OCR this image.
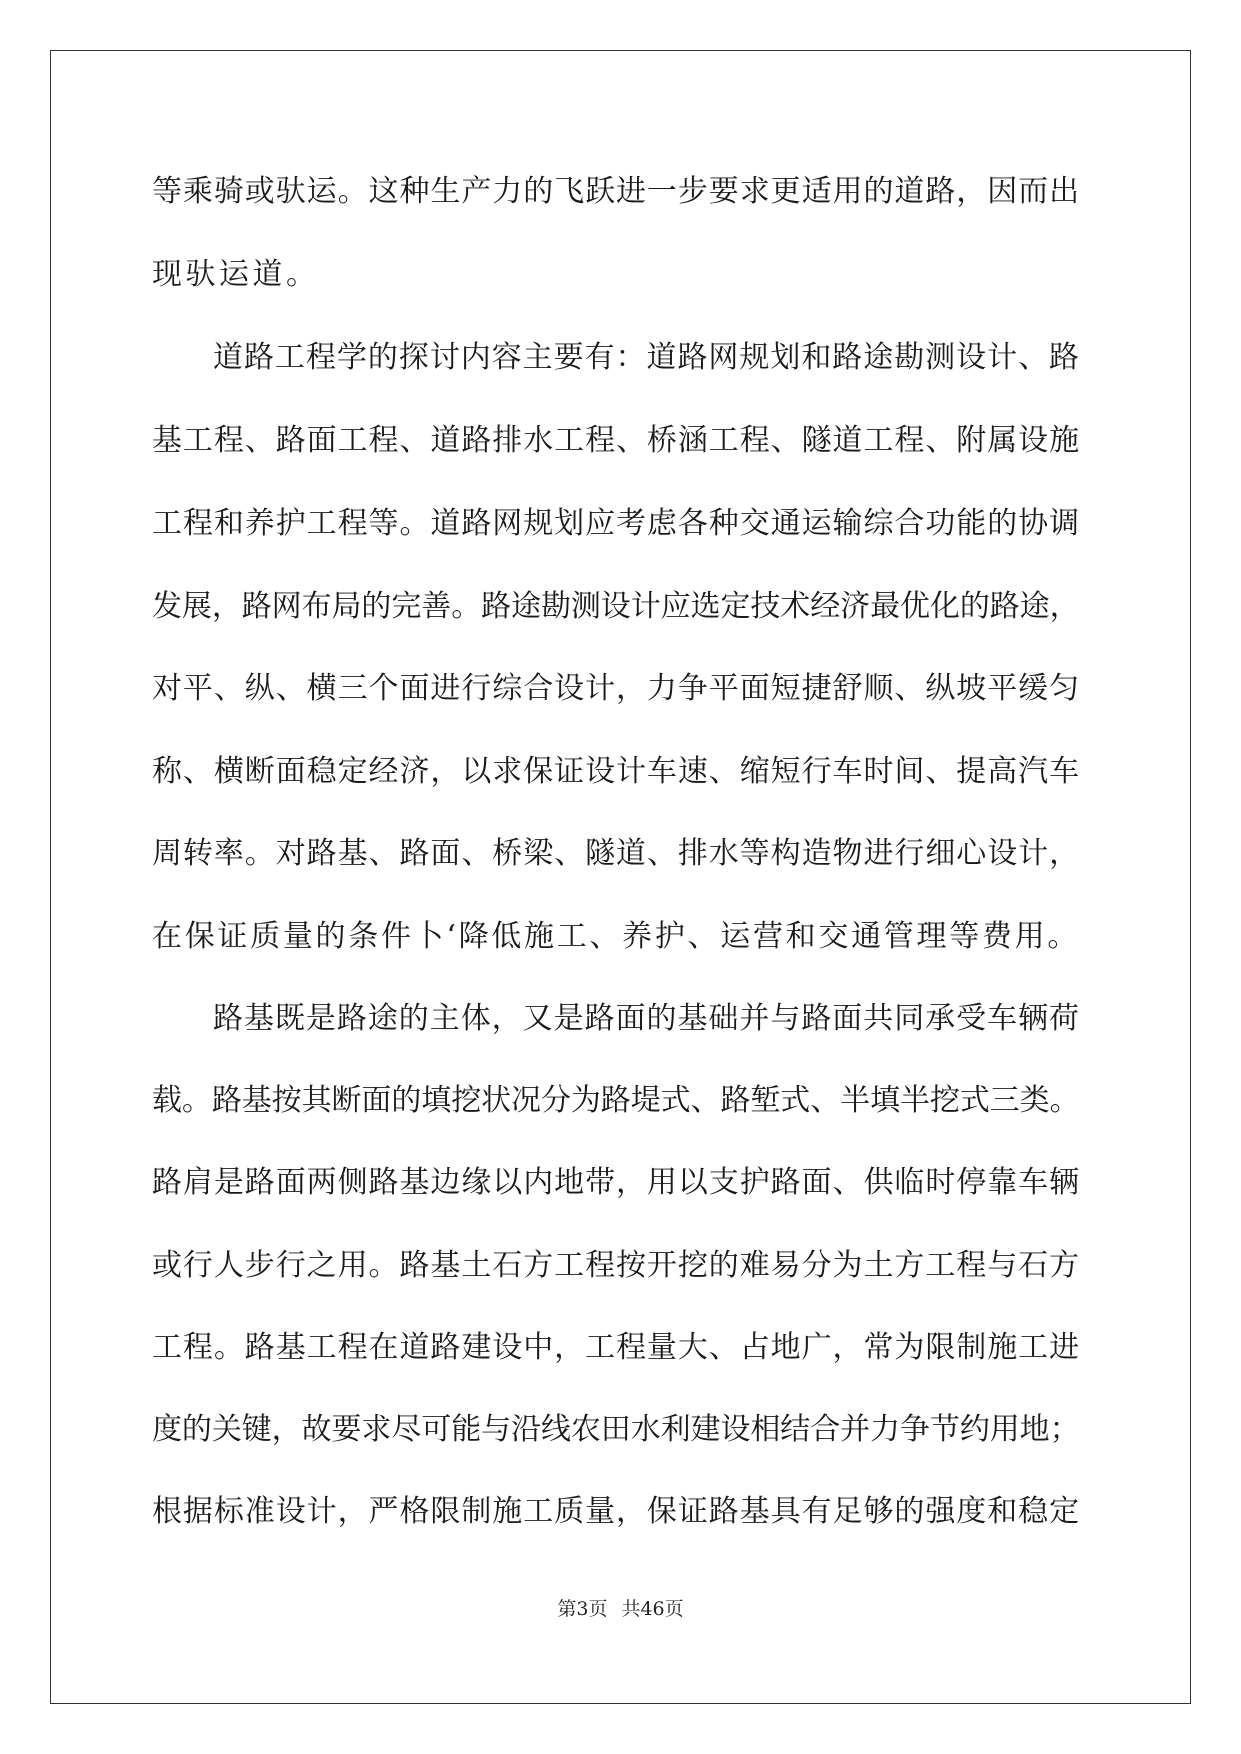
等乘骑或驮运。这种生产力的飞跃进一步要求更适用的道路，因而出
现驮运道。
道路工程学的探讨内容主要有：道路网规划和路途勘测设计、路
基工程、路面工程、道路排水工程、桥涵工程、隧道工程、附属设施
工程和养护工程等。道路网规划应考虑各种交通运输综合功能的协调
发展，路网布局的完善。路途勘测设计应选定技术经济最优化的路途，
对平、纵、横三个面进行综合设计，力争平面短捷舒顺、纵坡平缓匀
称、横断面稳定经济，以求保证设计车速、缩短行车时间、提高汽车
周转率。对路基、路面、桥梁、隧道、排水等构造物进行细心设计，
在保证质量的条件卜‘降低施工、养护、运营和交通管理等费用。
路基既是路途的主体，又是路面的基础并与路面共同承受车辆荷
载。路基按其断面的填挖状况分为路堤式、路堑式、半填半挖式三类。
路肩是路面两侧路基边缘以内地带，用以支护路面、供临时停靠车辆
或行人步行之用。路基土石方工程按开挖的难易分为土方工程与石方
工程。路基工程在道路建设中，工程量大、占地广，常为限制施工进
度的关键，故要求尽可能与沿线农田水利建设相结合并力争节约用地；
根据标准设计，严格限制施工质量，保证路基具有足够的强度和稳定
第3页 共46页
